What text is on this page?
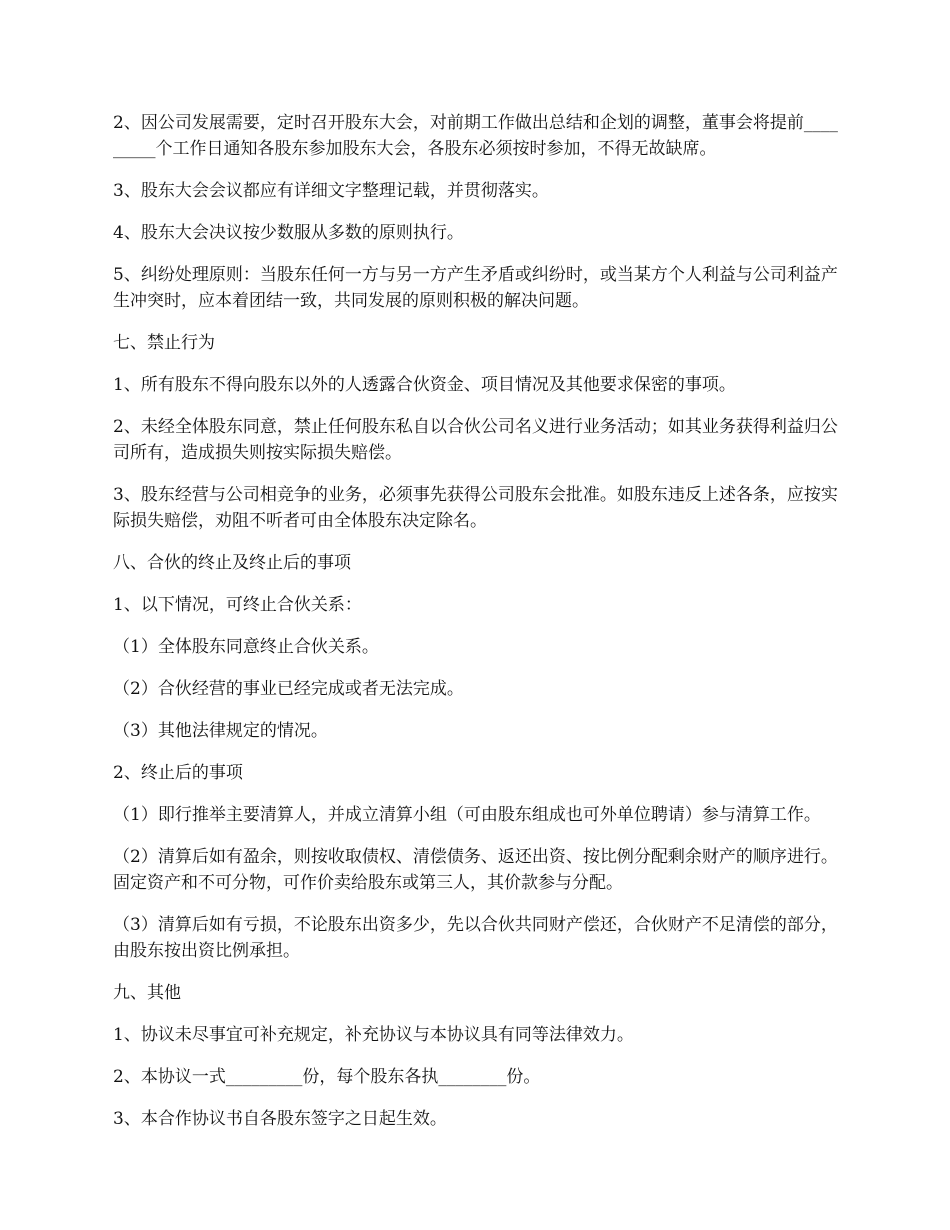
2、因公司发展需要，定时召开股东大会，对前期工作做出总结和企划的调整，董事会将提前_________个工作日通知各股东参加股东大会，各股东必须按时参加，不得无故缺席。

3、股东大会会议都应有详细文字整理记载，并贯彻落实。

4、股东大会决议按少数服从多数的原则执行。

5、纠纷处理原则：当股东任何一方与另一方产生矛盾或纠纷时，或当某方个人利益与公司利益产生冲突时，应本着团结一致，共同发展的原则积极的解决问题。

七、禁止行为

1、所有股东不得向股东以外的人透露合伙资金、项目情况及其他要求保密的事项。

2、未经全体股东同意，禁止任何股东私自以合伙公司名义进行业务活动；如其业务获得利益归公司所有，造成损失则按实际损失赔偿。

3、股东经营与公司相竞争的业务，必须事先获得公司股东会批准。如股东违反上述各条，应按实际损失赔偿，劝阻不听者可由全体股东决定除名。

八、合伙的终止及终止后的事项

1、以下情况，可终止合伙关系：

（1）全体股东同意终止合伙关系。

（2）合伙经营的事业已经完成或者无法完成。

（3）其他法律规定的情况。

2、终止后的事项

（1）即行推举主要清算人，并成立清算小组（可由股东组成也可外单位聘请）参与清算工作。

（2）清算后如有盈余，则按收取债权、清偿债务、返还出资、按比例分配剩余财产的顺序进行。固定资产和不可分物，可作价卖给股东或第三人，其价款参与分配。

（3）清算后如有亏损，不论股东出资多少，先以合伙共同财产偿还，合伙财产不足清偿的部分，由股东按出资比例承担。

九、其他

1、协议未尽事宜可补充规定，补充协议与本协议具有同等法律效力。

2、本协议一式_________份，每个股东各执________份。

3、本合作协议书自各股东签字之日起生效。
